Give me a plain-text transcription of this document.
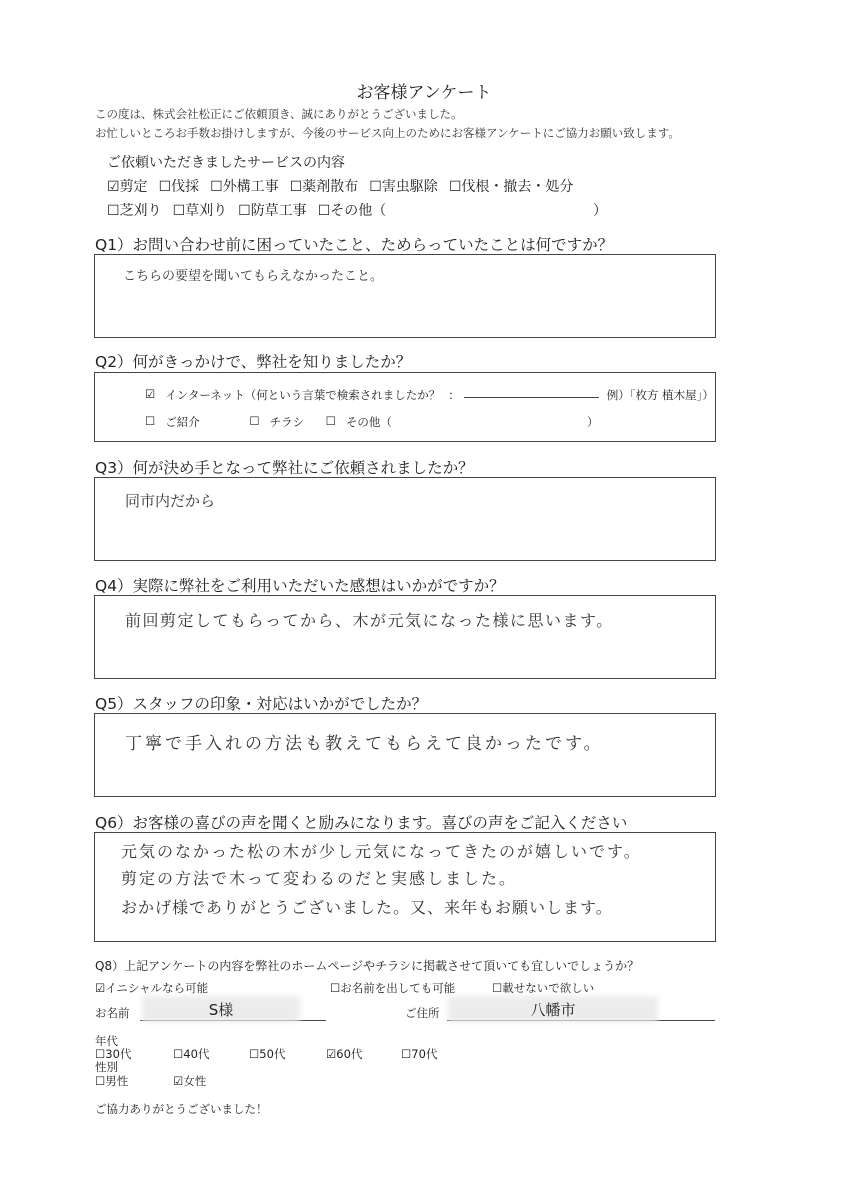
お客様アンケート
この度は、株式会社松正にご依頼頂き、誠にありがとうございました。
お忙しいところお手数お掛けしますが、今後のサービス向上のためにお客様アンケートにご協力お願い致します。
ご依頼いただきましたサービスの内容
☑剪定 ☐伐採 ☐外構工事 ☐薬剤散布 ☐害虫駆除 ☐伐根・撤去・処分
☐芝刈り ☐草刈り ☐防草工事 ☐その他（	）
Q1）お問い合わせ前に困っていたこと、ためらっていたことは何ですか？
こちらの要望を聞いてもらえなかったこと。
Q2）何がきっかけで、弊社を知りましたか？
☑ インターネット（何という言葉で検索されましたか？ ：	例）「枚方 植木屋」）
☐ ご紹介	☐ チラシ	☐ その他（	）
Q3）何が決め手となって弊社にご依頼されましたか？
同市内だから
Q4）実際に弊社をご利用いただいた感想はいかがですか？
前回剪定してもらってから、木が元気になった様に思います。
Q5）スタッフの印象・対応はいかがでしたか？
丁寧で手入れの方法も教えてもらえて良かったです。
Q6）お客様の喜びの声を聞くと励みになります。喜びの声をご記入ください
元気のなかった松の木が少し元気になってきたのが嬉しいです。
剪定の方法で木って変わるのだと実感しました。
おかげ様でありがとうございました。又、来年もお願いします。
Q8）上記アンケートの内容を弊社のホームページやチラシに掲載させて頂いても宜しいでしょうか？
☑イニシャルなら可能	☐お名前を出しても可能	☐載せないで欲しい
お名前	S様	ご住所	八幡市
年代
☐30代	☐40代	☐50代	☑60代	☐70代
性別
☐男性	☑女性
ご協力ありがとうございました！
